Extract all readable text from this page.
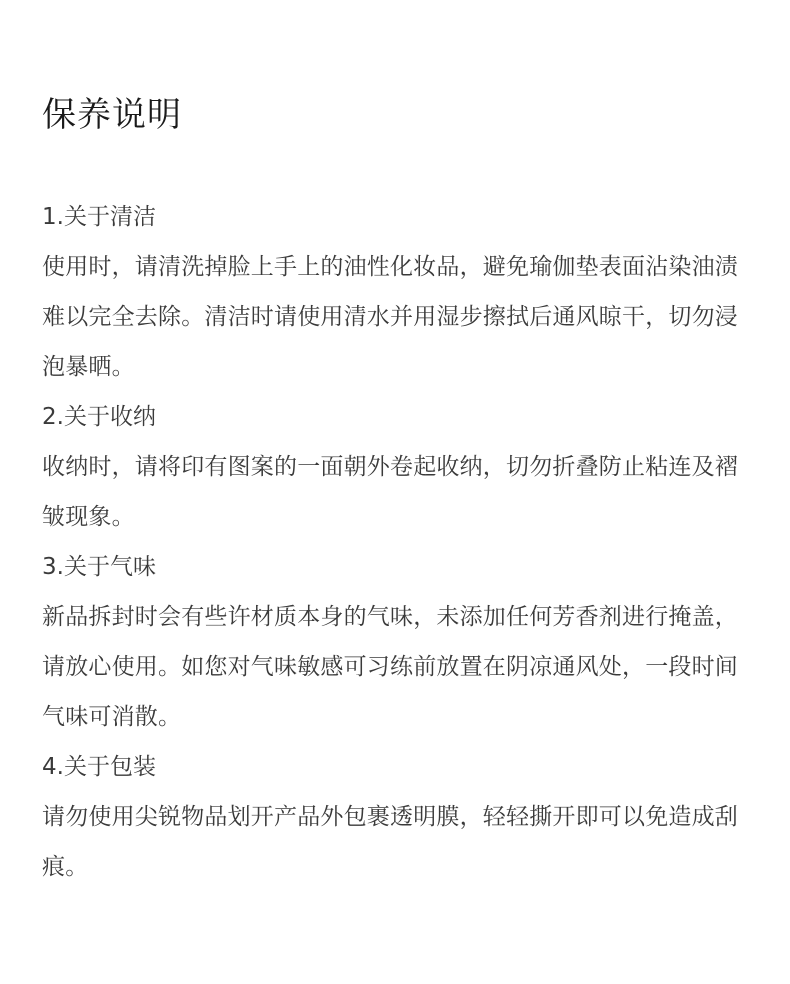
保养说明

1.关于清洁

使用时，请清洗掉脸上手上的油性化妆品，避免瑜伽垫表面沾染油渍难以完全去除。清洁时请使用清水并用湿步擦拭后通风晾干，切勿浸泡暴晒。

2.关于收纳

收纳时，请将印有图案的一面朝外卷起收纳，切勿折叠防止粘连及褶皱现象。

3.关于气味

新品拆封时会有些许材质本身的气味，未添加任何芳香剂进行掩盖，请放心使用。如您对气味敏感可习练前放置在阴凉通风处，一段时间气味可消散。

4.关于包装

请勿使用尖锐物品划开产品外包裹透明膜，轻轻撕开即可以免造成刮痕。
